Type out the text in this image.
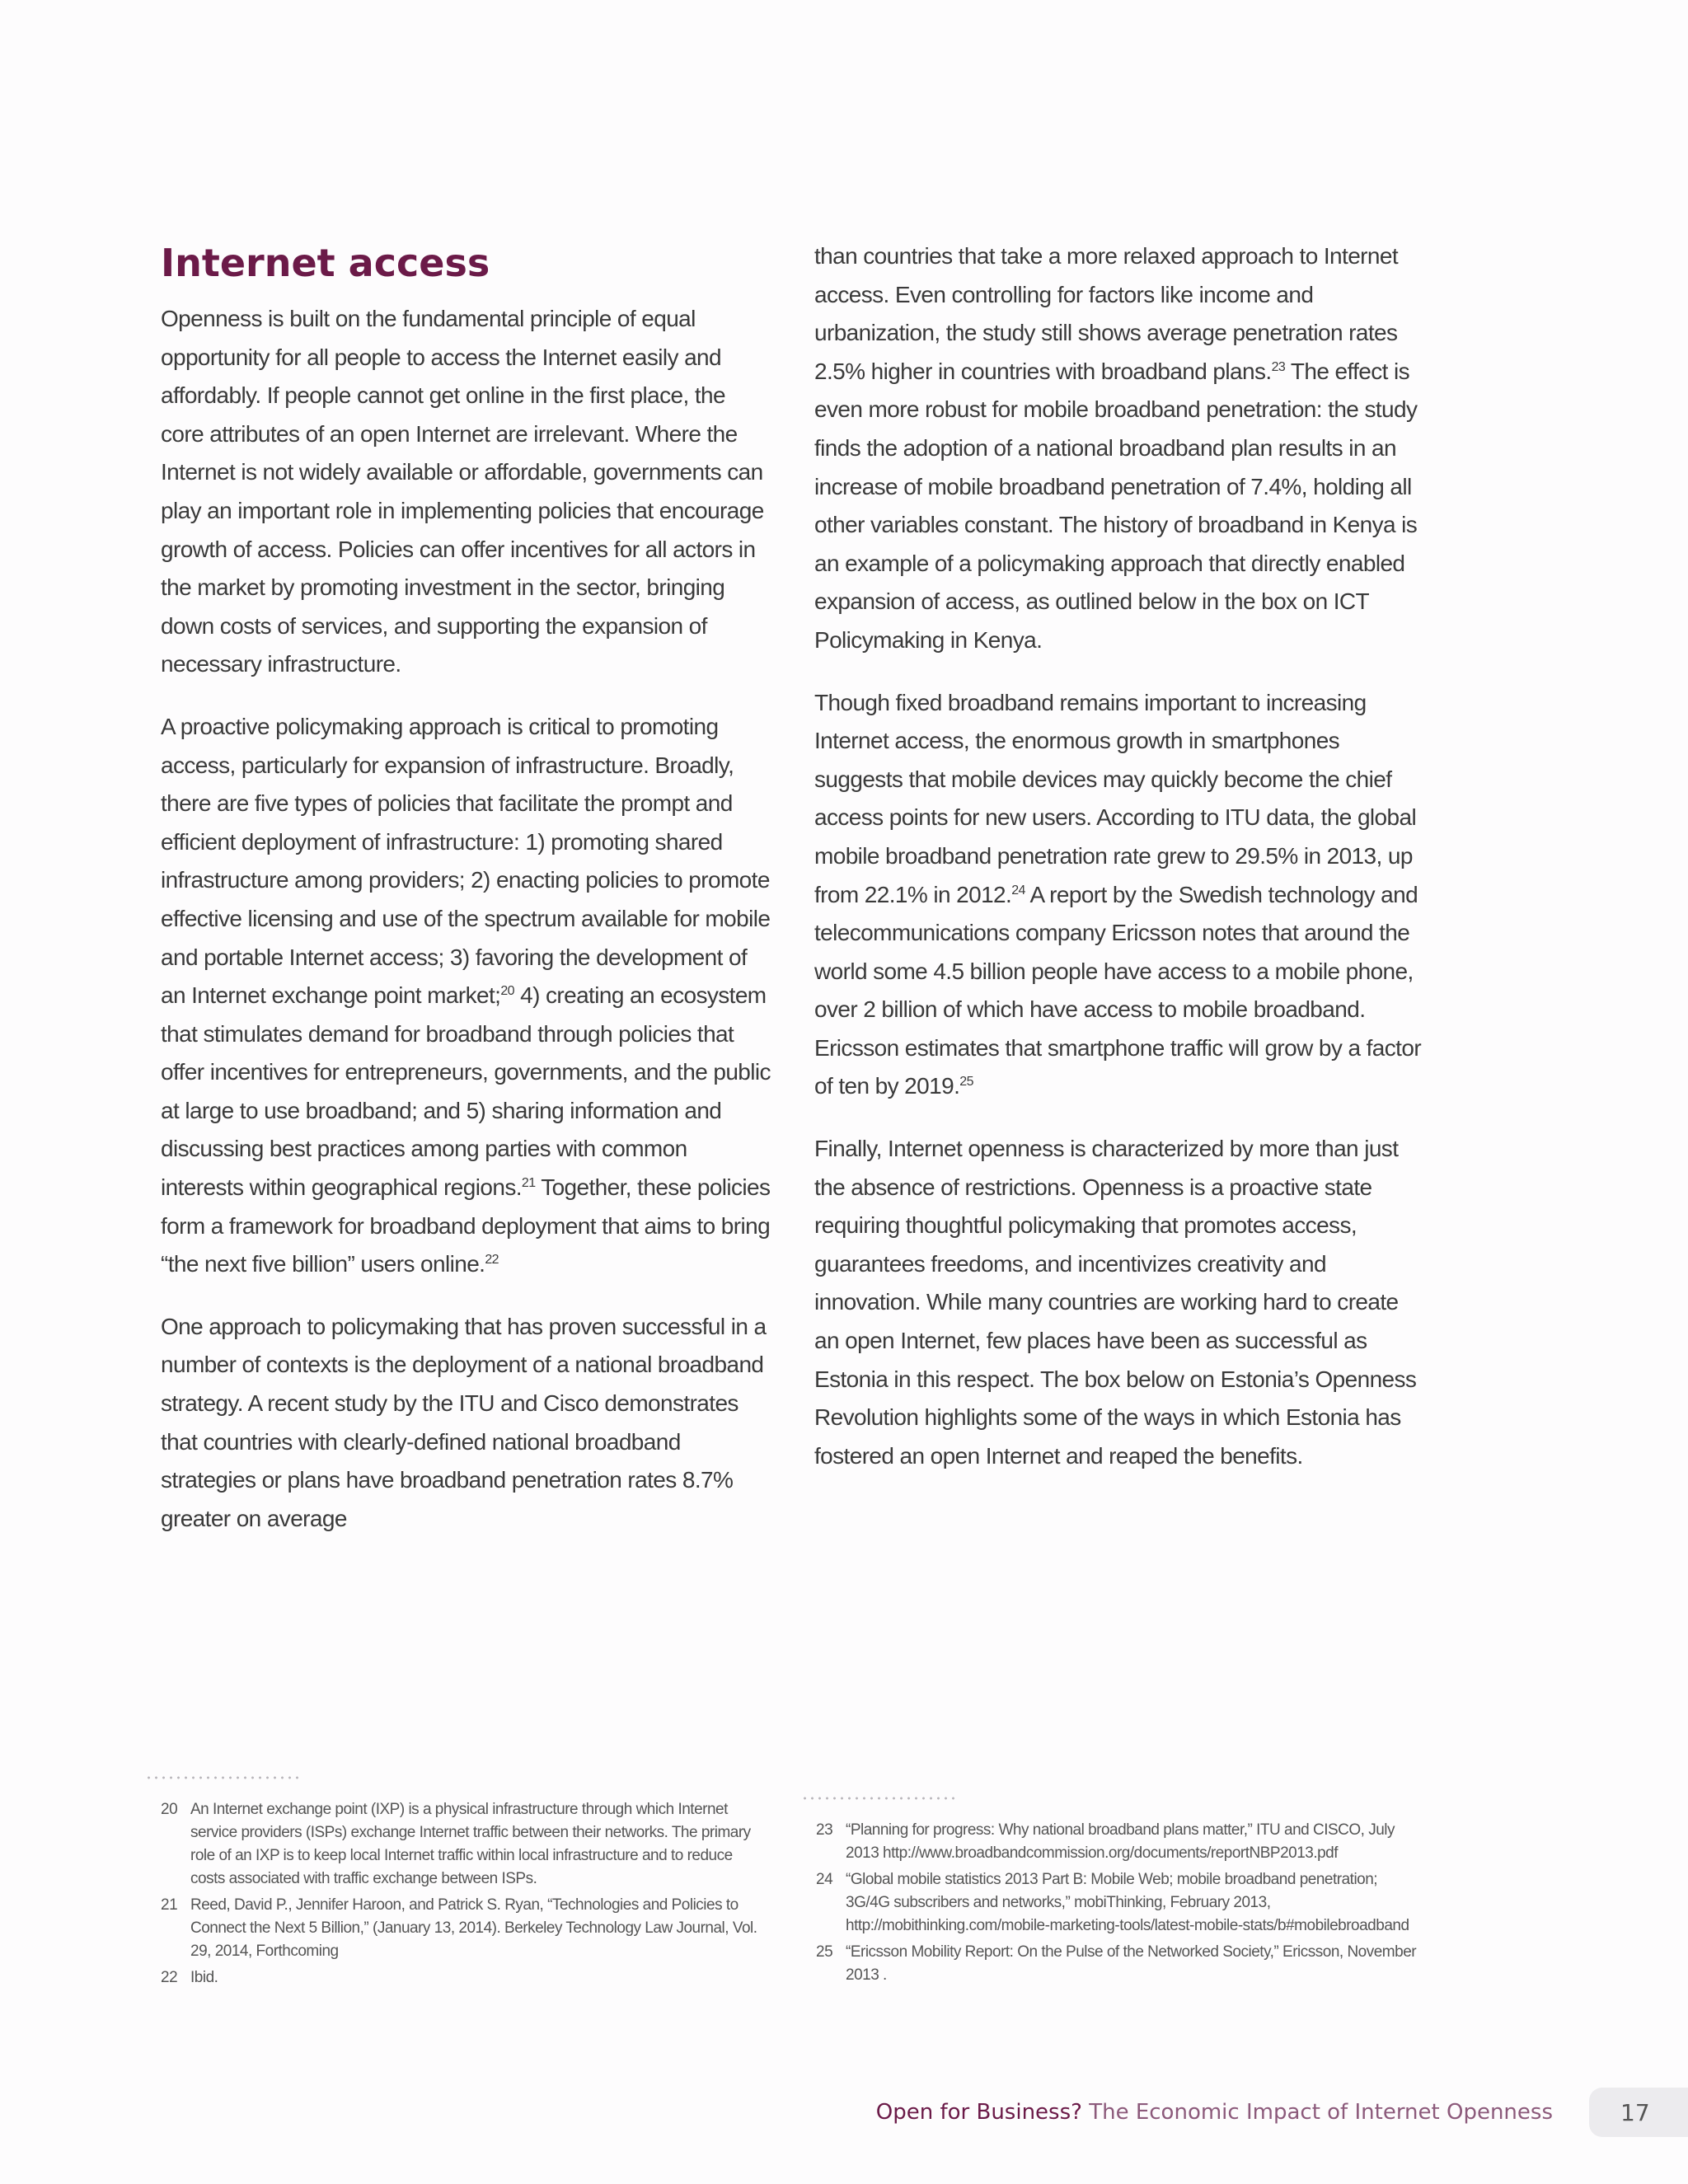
Internet access

Openness is built on the fundamental principle of equal opportunity for all people to access the Internet easily and affordably. If people cannot get online in the first place, the core attributes of an open Internet are irrelevant. Where the Internet is not widely available or affordable, governments can play an important role in implementing policies that encourage growth of access. Policies can offer incentives for all actors in the market by promoting investment in the sector, bringing down costs of services, and supporting the expansion of necessary infrastructure.

A proactive policymaking approach is critical to promoting access, particularly for expansion of infrastructure. Broadly, there are five types of policies that facilitate the prompt and efficient deployment of infrastructure: 1) promoting shared infrastructure among providers; 2) enacting policies to promote effective licensing and use of the spectrum available for mobile and portable Internet access; 3) favoring the development of an Internet exchange point market;$^{20}$ 4) creating an ecosystem that stimulates demand for broadband through policies that offer incentives for entrepreneurs, governments, and the public at large to use broadband; and 5) sharing information and discussing best practices among parties with common interests within geographical regions.$^{21}$ Together, these policies form a framework for broadband deployment that aims to bring “the next five billion” users online.$^{22}$

One approach to policymaking that has proven successful in a number of contexts is the deployment of a national broadband strategy. A recent study by the ITU and Cisco demonstrates that countries with clearly-defined national broadband strategies or plans have broadband penetration rates 8.7% greater on average

than countries that take a more relaxed approach to Internet access. Even controlling for factors like income and urbanization, the study still shows average penetration rates 2.5% higher in countries with broadband plans.$^{23}$ The effect is even more robust for mobile broadband penetration: the study finds the adoption of a national broadband plan results in an increase of mobile broadband penetration of 7.4%, holding all other variables constant. The history of broadband in Kenya is an example of a policymaking approach that directly enabled expansion of access, as outlined below in the box on ICT Policymaking in Kenya.

Though fixed broadband remains important to increasing Internet access, the enormous growth in smartphones suggests that mobile devices may quickly become the chief access points for new users. According to ITU data, the global mobile broadband penetration rate grew to 29.5% in 2013, up from 22.1% in 2012.24 A report by the Swedish technology and telecommunications company Ericsson notes that around the world some 4.5 billion people have access to a mobile phone, over 2 billion of which have access to mobile broadband. Ericsson estimates that smartphone traffic will grow by a factor of ten by 2019.25

Finally, Internet openness is characterized by more than just the absence of restrictions. Openness is a proactive state requiring thoughtful policymaking that promotes access, guarantees freedoms, and incentivizes creativity and innovation. While many countries are working hard to create an open Internet, few places have been as successful as Estonia in this respect. The box below on Estonia’s Openness Revolution highlights some of the ways in which Estonia has fostered an open Internet and reaped the benefits.

20 An Internet exchange point (IXP) is a physical infrastructure through which Internet service providers (ISPs) exchange Internet traffic between their networks. The primary role of an IXP is to keep local Internet traffic within local infrastructure and to reduce costs associated with traffic exchange between ISPs.
21 Reed, David P., Jennifer Haroon, and Patrick S. Ryan, “Technologies and Policies to Connect the Next 5 Billion,” (January 13, 2014). Berkeley Technology Law Journal, Vol. 29, 2014, Forthcoming
22 Ibid.
23 “Planning for progress: Why national broadband plans matter,” ITU and CISCO, July 2013 http://www.broadbandcommission.org/documents/reportNBP2013.pdf
24 “Global mobile statistics 2013 Part B: Mobile Web; mobile broadband penetration; 3G/4G subscribers and networks,” mobiThinking, February 2013, http://mobithinking.com/mobile-marketing-tools/latest-mobile-stats/b#mobilebroadband
25 “Ericsson Mobility Report: On the Pulse of the Networked Society,” Ericsson, November 2013 .
Open for Business? The Economic Impact of Internet Openness	17
